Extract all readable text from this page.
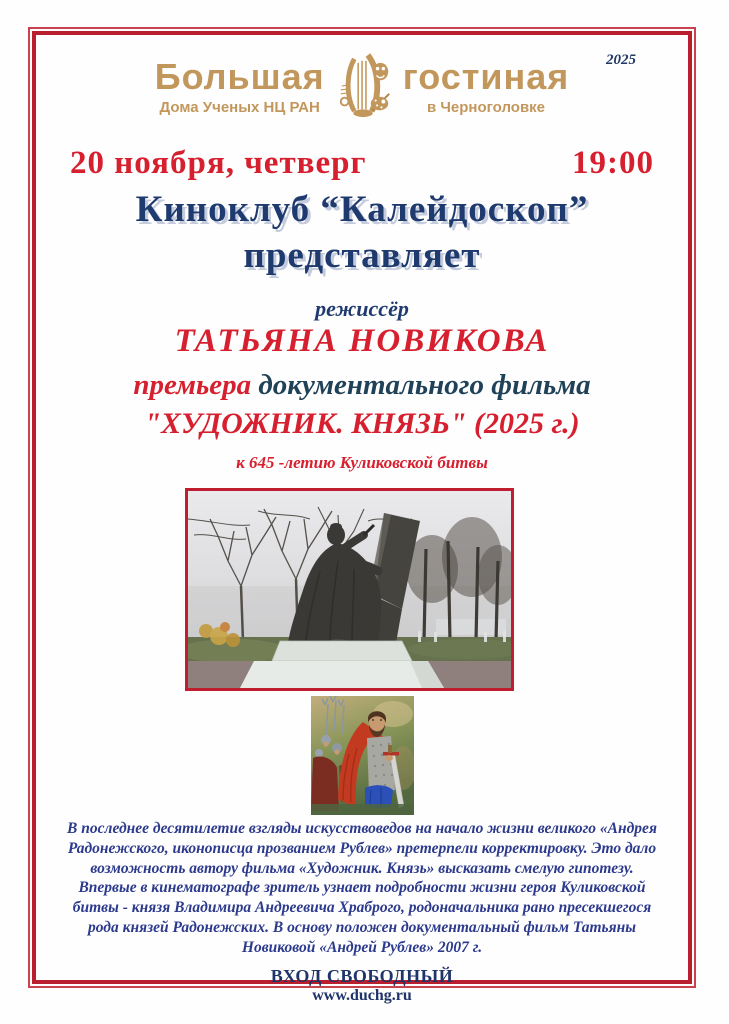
2025
Большая
Дома Ученых НЦ РАН
гостиная
в Черноголовке
20 ноября, четверг	19:00
Киноклуб “Калейдоскоп” представляет
режиссёр
ТАТЬЯНА НОВИКОВА
премьера документального фильма
"ХУДОЖНИК. КНЯЗЬ" (2025 г.)
к 645 -летию Куликовской битвы
В последнее десятилетие взгляды искусствоведов на начало жизни великого «Андрея Радонежского, иконописца прозванием Рублев» претерпели корректировку. Это дало возможность автору фильма «Художник. Князь» высказать смелую гипотезу. Впервые в кинематографе зритель узнает подробности жизни героя Куликовской битвы - князя Владимира Андреевича Храброго, родоначальника рано пресекшегося рода князей Радонежских. В основу положен документальный фильм Татьяны Новиковой «Андрей Рублев» 2007 г.
ВХОД СВОБОДНЫЙ
www.duchg.ru
